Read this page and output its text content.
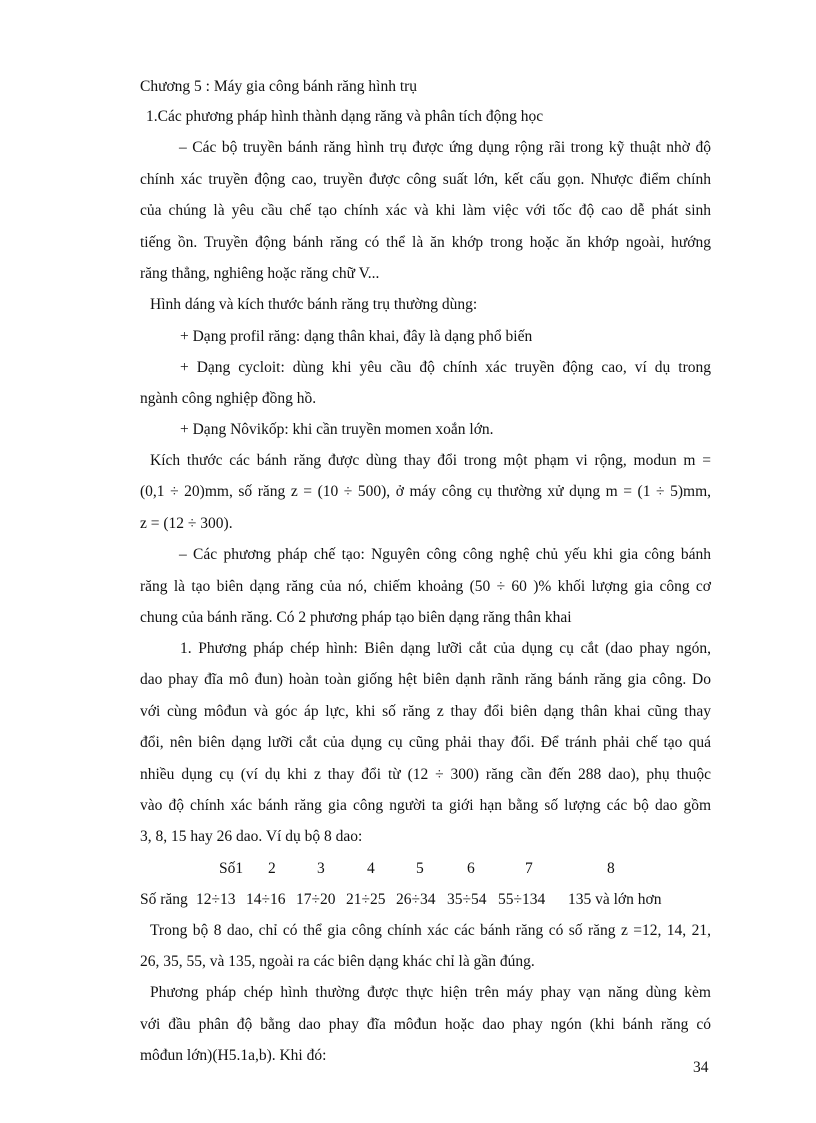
Chương 5 : Máy gia công bánh răng hình trụ
1.Các phương pháp hình thành dạng răng và phân tích động học
– Các bộ truyền bánh răng hình trụ được ứng dụng rộng rãi trong kỹ thuật nhờ độ
chính xác truyền động cao, truyền được công suất lớn, kết cấu gọn. Nhược điểm chính
của chúng là yêu cầu chế tạo chính xác và khi làm việc với tốc độ cao dễ phát sinh
tiếng ồn. Truyền động bánh răng có thể là ăn khớp trong hoặc ăn khớp ngoài, hướng
răng thẳng, nghiêng hoặc răng chữ V...
Hình dáng và kích thước bánh răng trụ thường dùng:
+ Dạng profil răng: dạng thân khai, đây là dạng phổ biến
+ Dạng cycloit: dùng khi yêu cầu độ chính xác truyền động cao, ví dụ trong
ngành công nghiệp đồng hồ.
+ Dạng Nôvikốp: khi cần truyền momen xoắn lớn.
Kích thước các bánh răng được dùng thay đổi trong một phạm vi rộng, modun m =
(0,1 ÷ 20)mm, số răng z = (10 ÷ 500), ở máy công cụ thường xử dụng m = (1 ÷ 5)mm,
z = (12 ÷ 300).
– Các phương pháp chế tạo: Nguyên công công nghệ chủ yếu khi gia công bánh
răng là tạo biên dạng răng của nó, chiếm khoảng (50 ÷ 60 )% khối lượng gia công cơ
chung của bánh răng. Có 2 phương pháp tạo biên dạng răng thân khai
1. Phương pháp chép hình: Biên dạng lưỡi cắt của dụng cụ cắt (dao phay ngón,
dao phay đĩa mô đun) hoàn toàn giống hệt biên dạnh rãnh răng bánh răng gia công. Do
với cùng môđun và góc áp lực, khi số răng z thay đổi biên dạng thân khai cũng thay
đổi, nên biên dạng lưỡi cắt của dụng cụ cũng phải thay đổi. Để tránh phải chế tạo quá
nhiều dụng cụ (ví dụ khi z thay đổi từ (12 ÷ 300) răng cần đến 288 dao), phụ thuộc
vào độ chính xác bánh răng gia công người ta giới hạn bằng số lượng các bộ dao gồm
3, 8, 15 hay 26 dao. Ví dụ bộ 8 dao:
Số1 2	3	4	5	6	7	8
Số răng 12÷13 14÷16 17÷20 21÷25 26÷34 35÷54 55÷134 135 và lớn hơn
Trong bộ 8 dao, chỉ có thể gia công chính xác các bánh răng có số răng z =12, 14, 21,
26, 35, 55, và 135, ngoài ra các biên dạng khác chỉ là gần đúng.
Phương pháp chép hình thường được thực hiện trên máy phay vạn năng dùng kèm
với đầu phân độ bằng dao phay đĩa môđun hoặc dao phay ngón (khi bánh răng có
môđun lớn)(H5.1a,b). Khi đó:
34
